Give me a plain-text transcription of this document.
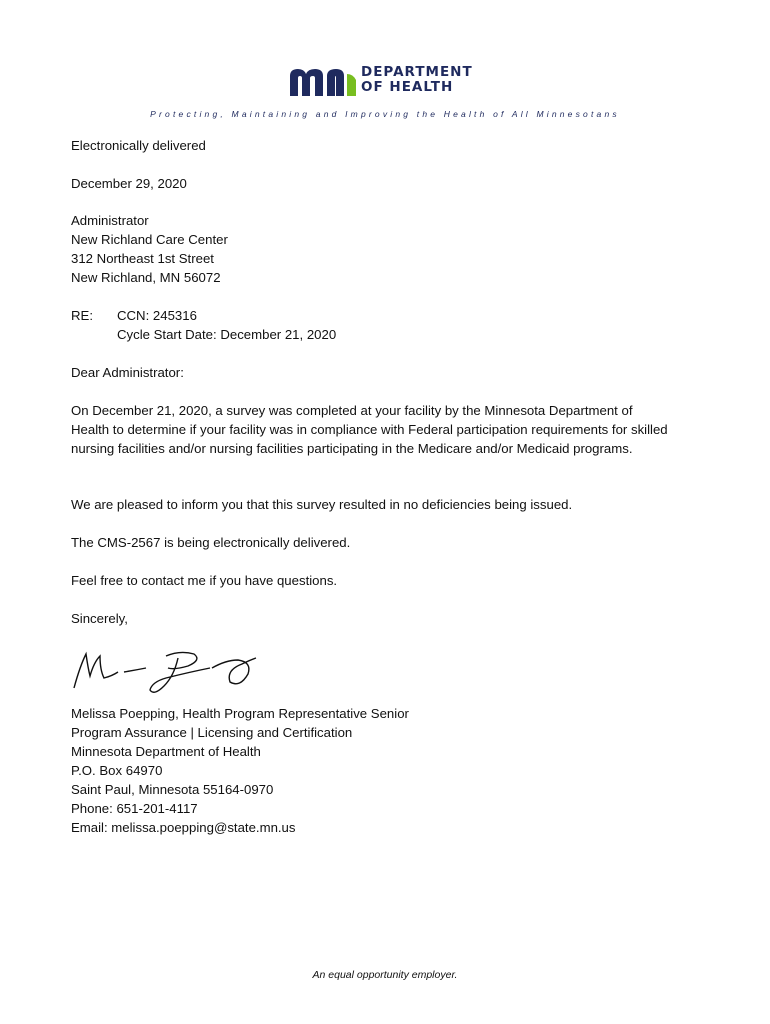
DEPARTMENT
OF HEALTH
Protecting, Maintaining and Improving the Health of All Minnesotans
Electronically delivered
December 29, 2020
Administrator
New Richland Care Center
312 Northeast 1st Street
New Richland, MN 56072
RE: CCN: 245316
Cycle Start Date: December 21, 2020
Dear Administrator:
On December 21, 2020, a survey was completed at your facility by the Minnesota Department of Health to determine if your facility was in compliance with Federal participation requirements for skilled nursing facilities and/or nursing facilities participating in the Medicare and/or Medicaid programs.
We are pleased to inform you that this survey resulted in no deficiencies being issued.
The CMS-2567 is being electronically delivered.
Feel free to contact me if you have questions.
Sincerely,
Melissa Poepping, Health Program Representative Senior
Program Assurance | Licensing and Certification
Minnesota Department of Health
P.O. Box 64970
Saint Paul, Minnesota 55164-0970
Phone: 651-201-4117
Email: melissa.poepping@state.mn.us
An equal opportunity employer.
